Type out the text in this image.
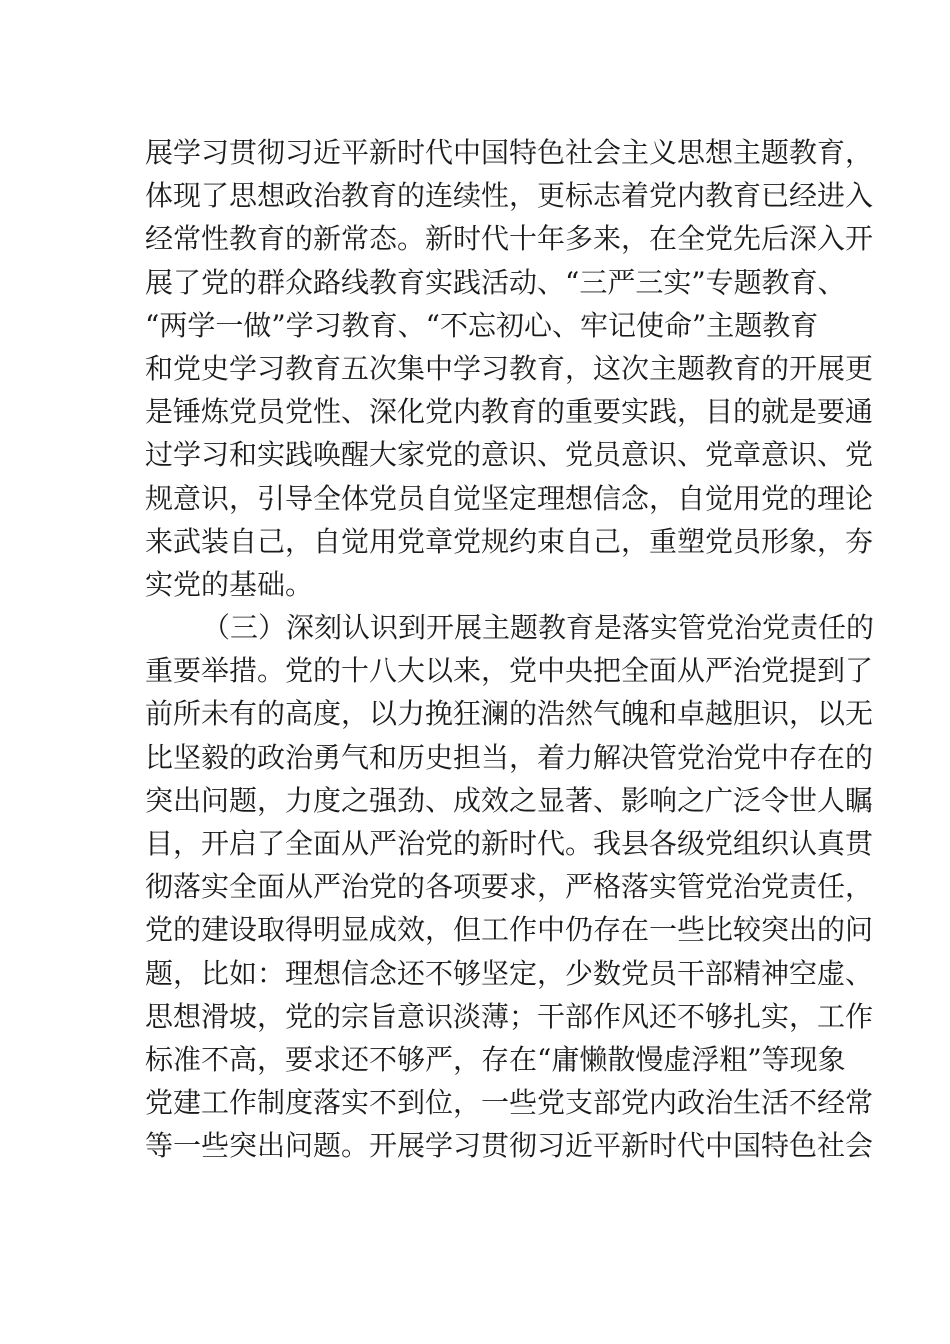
展学习贯彻习近平新时代中国特色社会主义思想主题教育，
体现了思想政治教育的连续性，更标志着党内教育已经进入
经常性教育的新常态。新时代十年多来，在全党先后深入开
展了党的群众路线教育实践活动、“三严三实”专题教育、
“两学一做”学习教育、“不忘初心、牢记使命”主题教育
和党史学习教育五次集中学习教育，这次主题教育的开展更
是锤炼党员党性、深化党内教育的重要实践，目的就是要通
过学习和实践唤醒大家党的意识、党员意识、党章意识、党
规意识，引导全体党员自觉坚定理想信念，自觉用党的理论
来武装自己，自觉用党章党规约束自己，重塑党员形象，夯
实党的基础。
（三）深刻认识到开展主题教育是落实管党治党责任的
重要举措。党的十八大以来，党中央把全面从严治党提到了
前所未有的高度，以力挽狂澜的浩然气魄和卓越胆识，以无
比坚毅的政治勇气和历史担当，着力解决管党治党中存在的
突出问题，力度之强劲、成效之显著、影响之广泛令世人瞩
目，开启了全面从严治党的新时代。我县各级党组织认真贯
彻落实全面从严治党的各项要求，严格落实管党治党责任，
党的建设取得明显成效，但工作中仍存在一些比较突出的问
题，比如：理想信念还不够坚定，少数党员干部精神空虚、
思想滑坡，党的宗旨意识淡薄；干部作风还不够扎实，工作
标准不高，要求还不够严，存在“庸懒散慢虚浮粗”等现象
党建工作制度落实不到位，一些党支部党内政治生活不经常
等一些突出问题。开展学习贯彻习近平新时代中国特色社会
